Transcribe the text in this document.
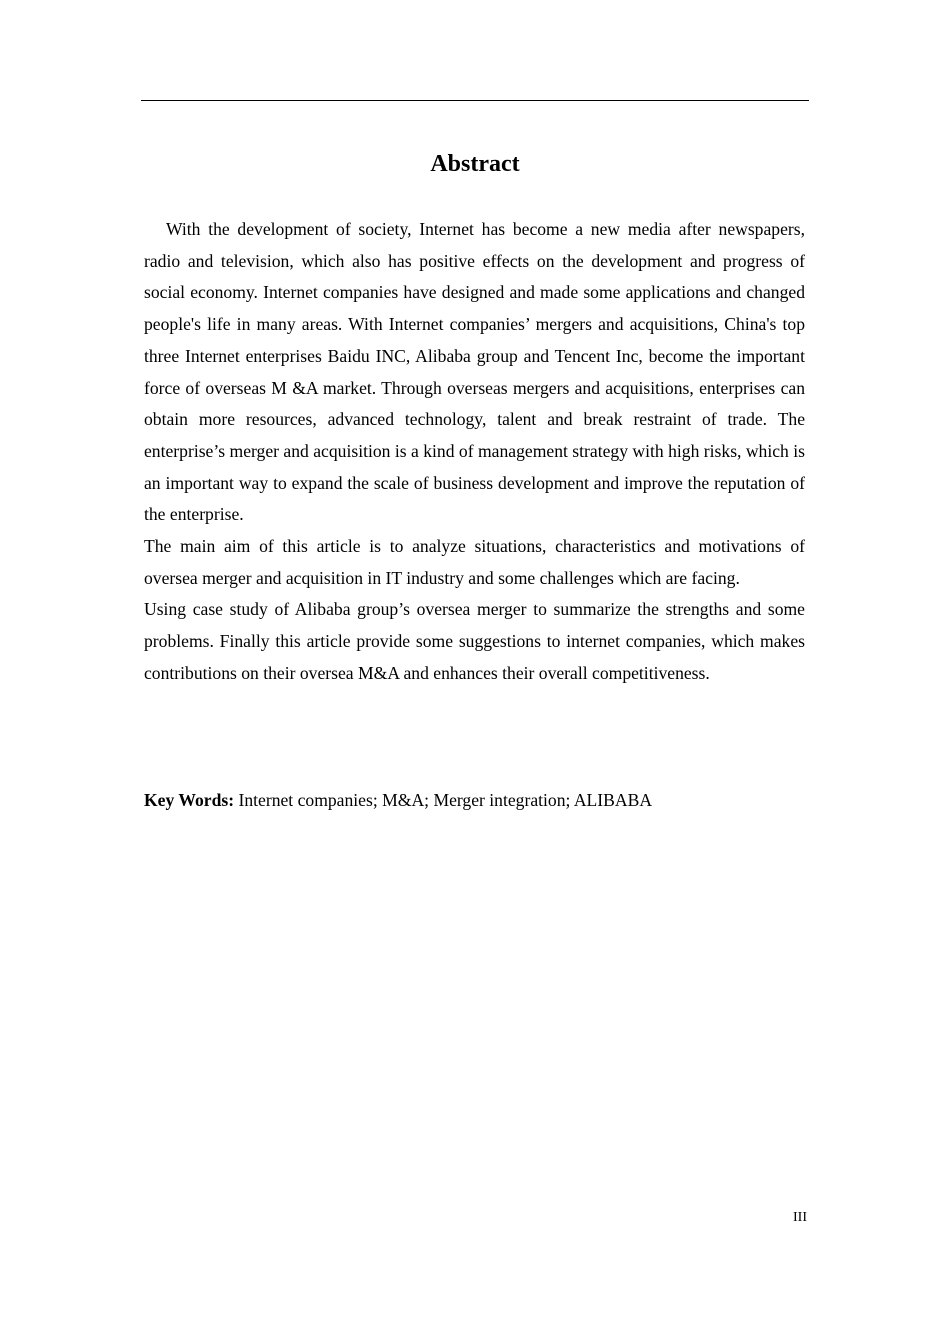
Abstract

With the development of society, Internet has become a new media after newspapers, radio and television, which also has positive effects on the development and progress of social economy. Internet companies have designed and made some applications and changed people's life in many areas. With Internet companies’ mergers and acquisitions, China's top three Internet enterprises Baidu INC, Alibaba group and Tencent Inc, become the important force of overseas M &A market. Through overseas mergers and acquisitions, enterprises can obtain more resources, advanced technology, talent and break restraint of trade. The enterprise’s merger and acquisition is a kind of management strategy with high risks, which is an important way to expand the scale of business development and improve the reputation of the enterprise.

The main aim of this article is to analyze situations, characteristics and motivations of oversea merger and acquisition in IT industry and some challenges which are facing.

Using case study of Alibaba group’s oversea merger to summarize the strengths and some problems. Finally this article provide some suggestions to internet companies, which makes contributions on their oversea M&A and enhances their overall competitiveness.

Key Words: Internet companies; M&A; Merger integration; ALIBABA

III
